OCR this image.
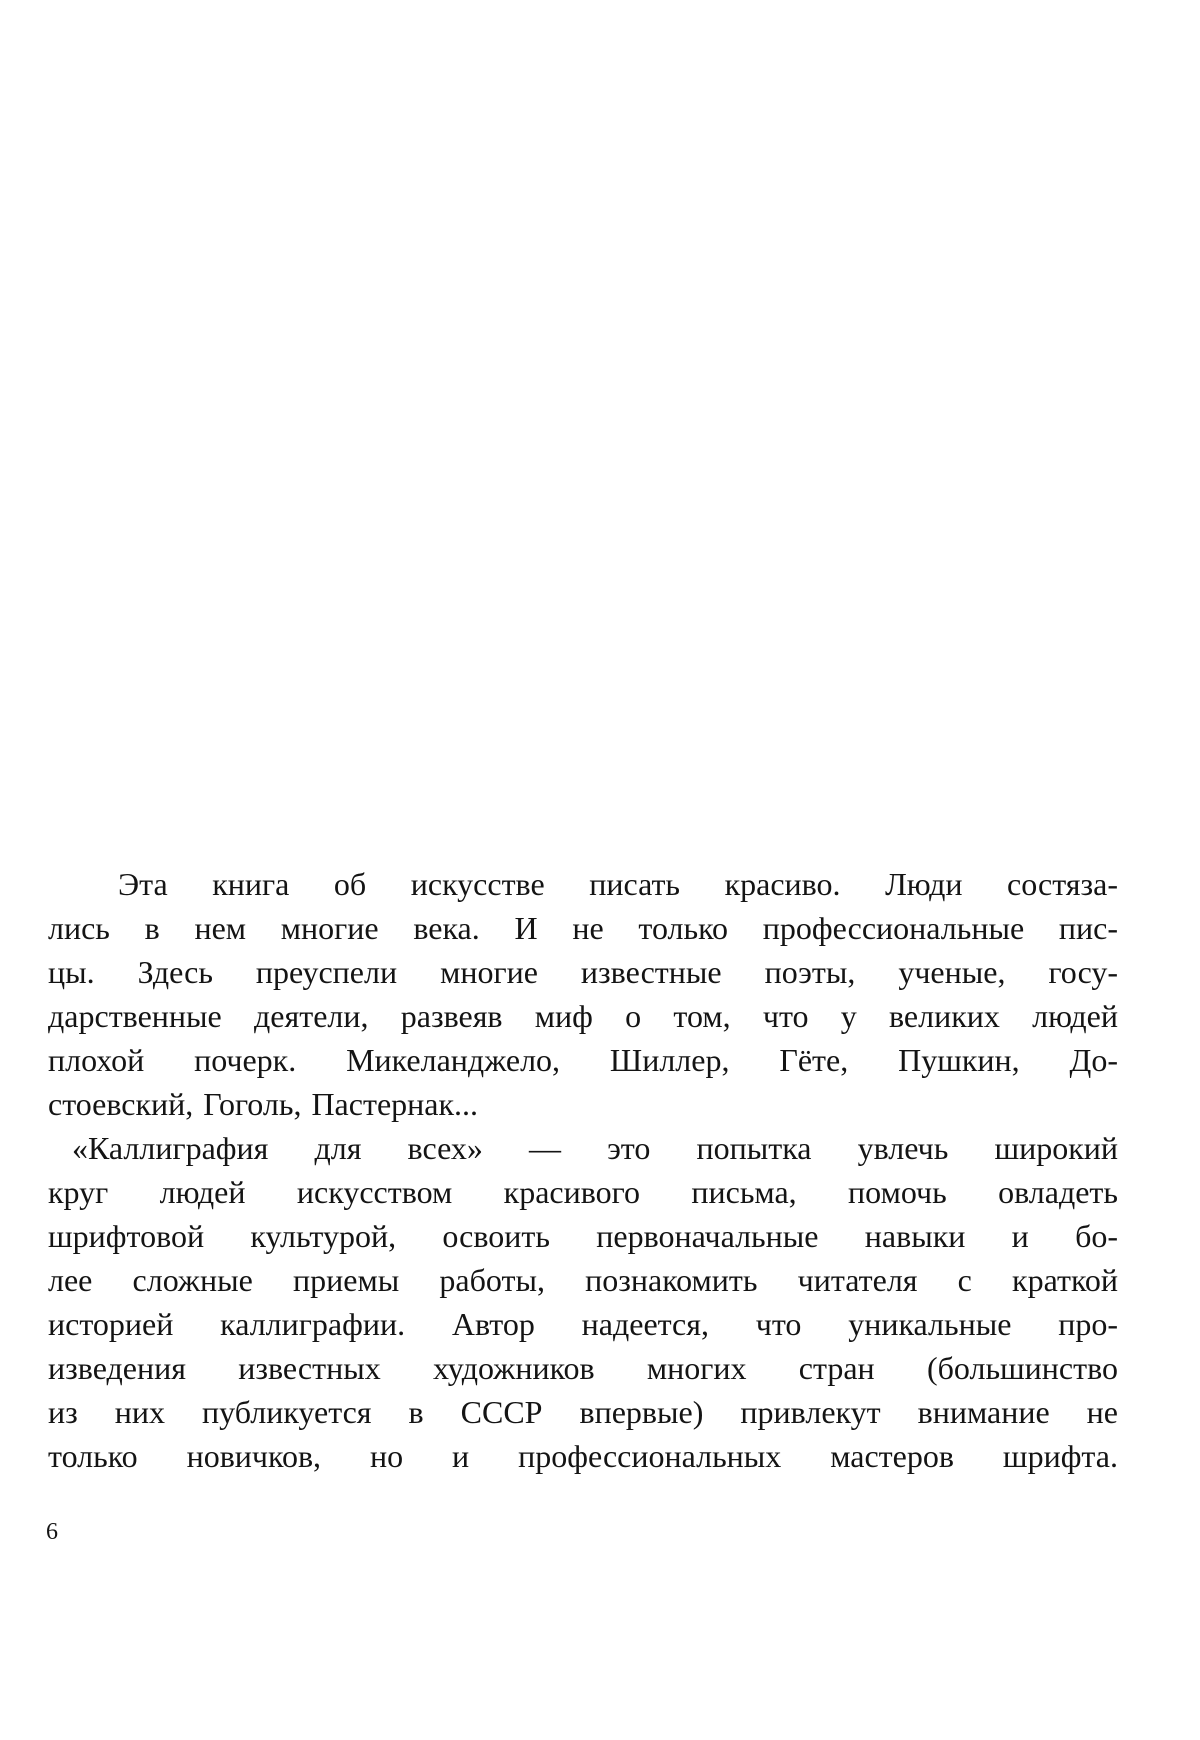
Эта книга об искусстве писать красиво. Люди состяза-
лись в нем многие века. И не только профессиональные пис-
цы. Здесь преуспели многие известные поэты, ученые, госу-
дарственные деятели, развеяв миф о том, что у великих людей
плохой почерк. Микеланджело, Шиллер, Гёте, Пушкин, До-
стоевский, Гоголь, Пастернак...

«Каллиграфия для всех» — это попытка увлечь широкий
круг людей искусством красивого письма, помочь овладеть
шрифтовой культурой, освоить первоначальные навыки и бо-
лее сложные приемы работы, познакомить читателя с краткой
историей каллиграфии. Автор надеется, что уникальные про-
изведения известных художников многих стран (большинство
из них публикуется в СССР впервые) привлекут внимание не
только новичков, но и профессиональных мастеров шрифта.

6
